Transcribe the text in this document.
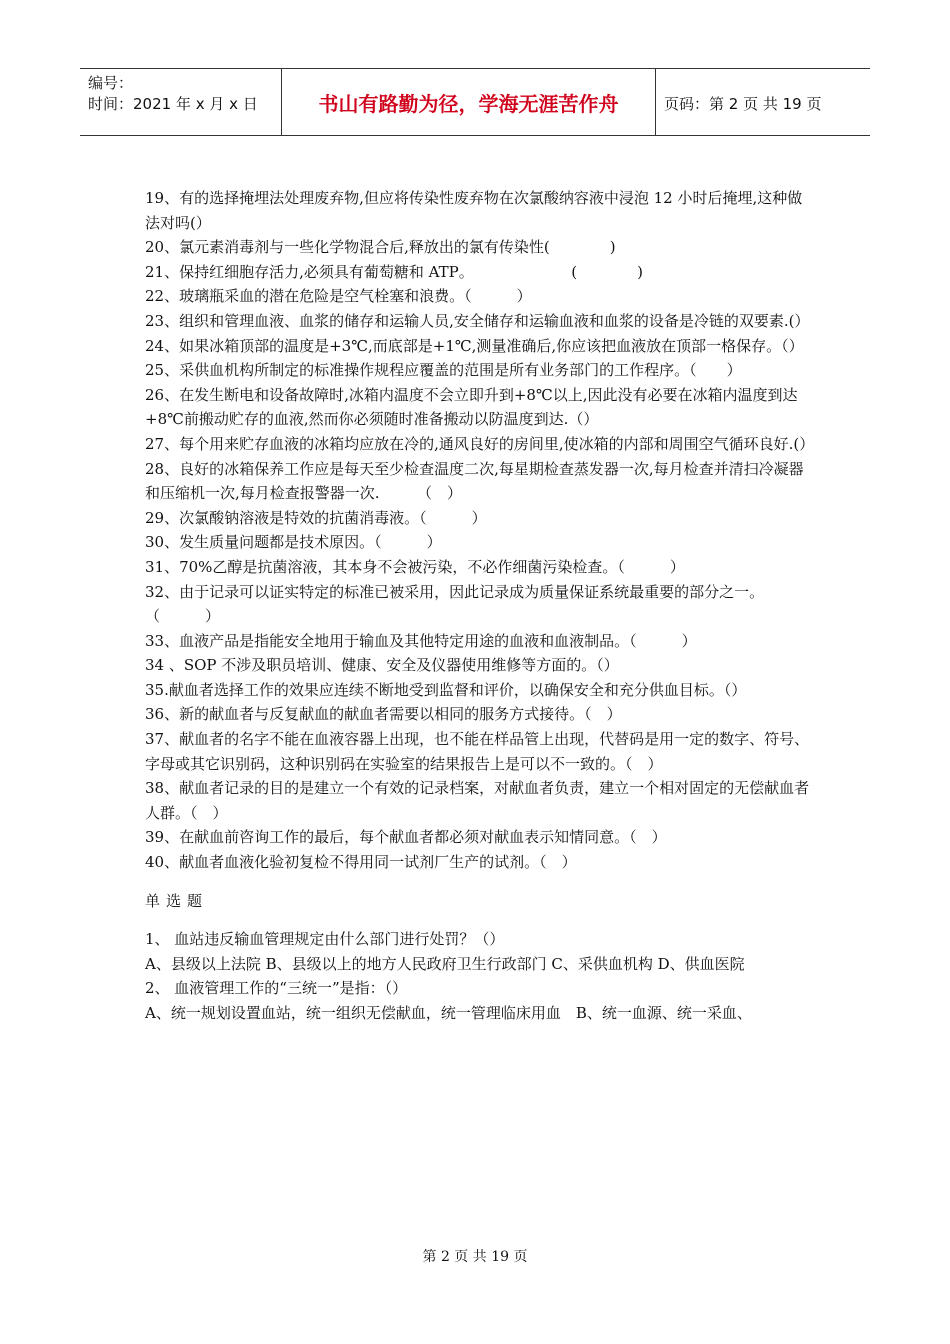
编号：
时间：2021 年 x 月 x 日	书山有路勤为径，学海无涯苦作舟	页码：第 2 页 共 19 页

19、有的选择掩埋法处理废弃物,但应将传染性废弃物在次氯酸纳容液中浸泡 12 小时后掩埋,这种做法对吗(）

20、氯元素消毒剂与一些化学物混合后,释放出的氯有传染性(　　　　)

21、保持红细胞存活力,必须具有葡萄糖和 ATP。　　　　　　　(　　　　)

22、玻璃瓶采血的潜在危险是空气栓塞和浪费。（　　　）

23、组织和管理血液、血浆的储存和运输人员,安全储存和运输血液和血浆的设备是冷链的双要素.(）

24、如果冰箱顶部的温度是+3℃,而底部是+1℃,测量准确后,你应该把血液放在顶部一格保存。（）

25、采供血机构所制定的标准操作规程应覆盖的范围是所有业务部门的工作程序。（　　）

26、在发生断电和设备故障时,冰箱内温度不会立即升到+8℃以上,因此没有必要在冰箱内温度到达+8℃前搬动贮存的血液,然而你必须随时准备搬动以防温度到达.（）

27、每个用来贮存血液的冰箱均应放在冷的,通风良好的房间里,使冰箱的内部和周围空气循环良好.(）

28、良好的冰箱保养工作应是每天至少检查温度二次,每星期检查蒸发器一次,每月检查并清扫冷凝器和压缩机一次,每月检查报警器一次.　　　（　）

29、次氯酸钠溶液是特效的抗菌消毒液。（　　　）

30、发生质量问题都是技术原因。（　　　）

31、70%乙醇是抗菌溶液，其本身不会被污染，不必作细菌污染检查。（　　　）

32、由于记录可以证实特定的标准已被采用，因此记录成为质量保证系统最重要的部分之一。（　　　）

33、血液产品是指能安全地用于输血及其他特定用途的血液和血液制品。（　　　）

34 、SOP 不涉及职员培训、健康、安全及仪器使用维修等方面的。（）

35.献血者选择工作的效果应连续不断地受到监督和评价，以确保安全和充分供血目标。（）

36、新的献血者与反复献血的献血者需要以相同的服务方式接待。（　）

37、献血者的名字不能在血液容器上出现，也不能在样品管上出现，代替码是用一定的数字、符号、字母或其它识别码，这种识别码在实验室的结果报告上是可以不一致的。（　）

38、献血者记录的目的是建立一个有效的记录档案，对献血者负责，建立一个相对固定的无偿献血者人群。（　）

39、在献血前咨询工作的最后，每个献血者都必须对献血表示知情同意。（　）

40、献血者血液化验初复检不得用同一试剂厂生产的试剂。（　）

单选题

1、 血站违反输血管理规定由什么部门进行处罚？（）

A、县级以上法院 B、县级以上的地方人民政府卫生行政部门 C、采供血机构 D、供血医院

2、 血液管理工作的“三统一”是指：（）

A、统一规划设置血站，统一组织无偿献血，统一管理临床用血　B、统一血源、统一采血、

第 2 页 共 19 页
